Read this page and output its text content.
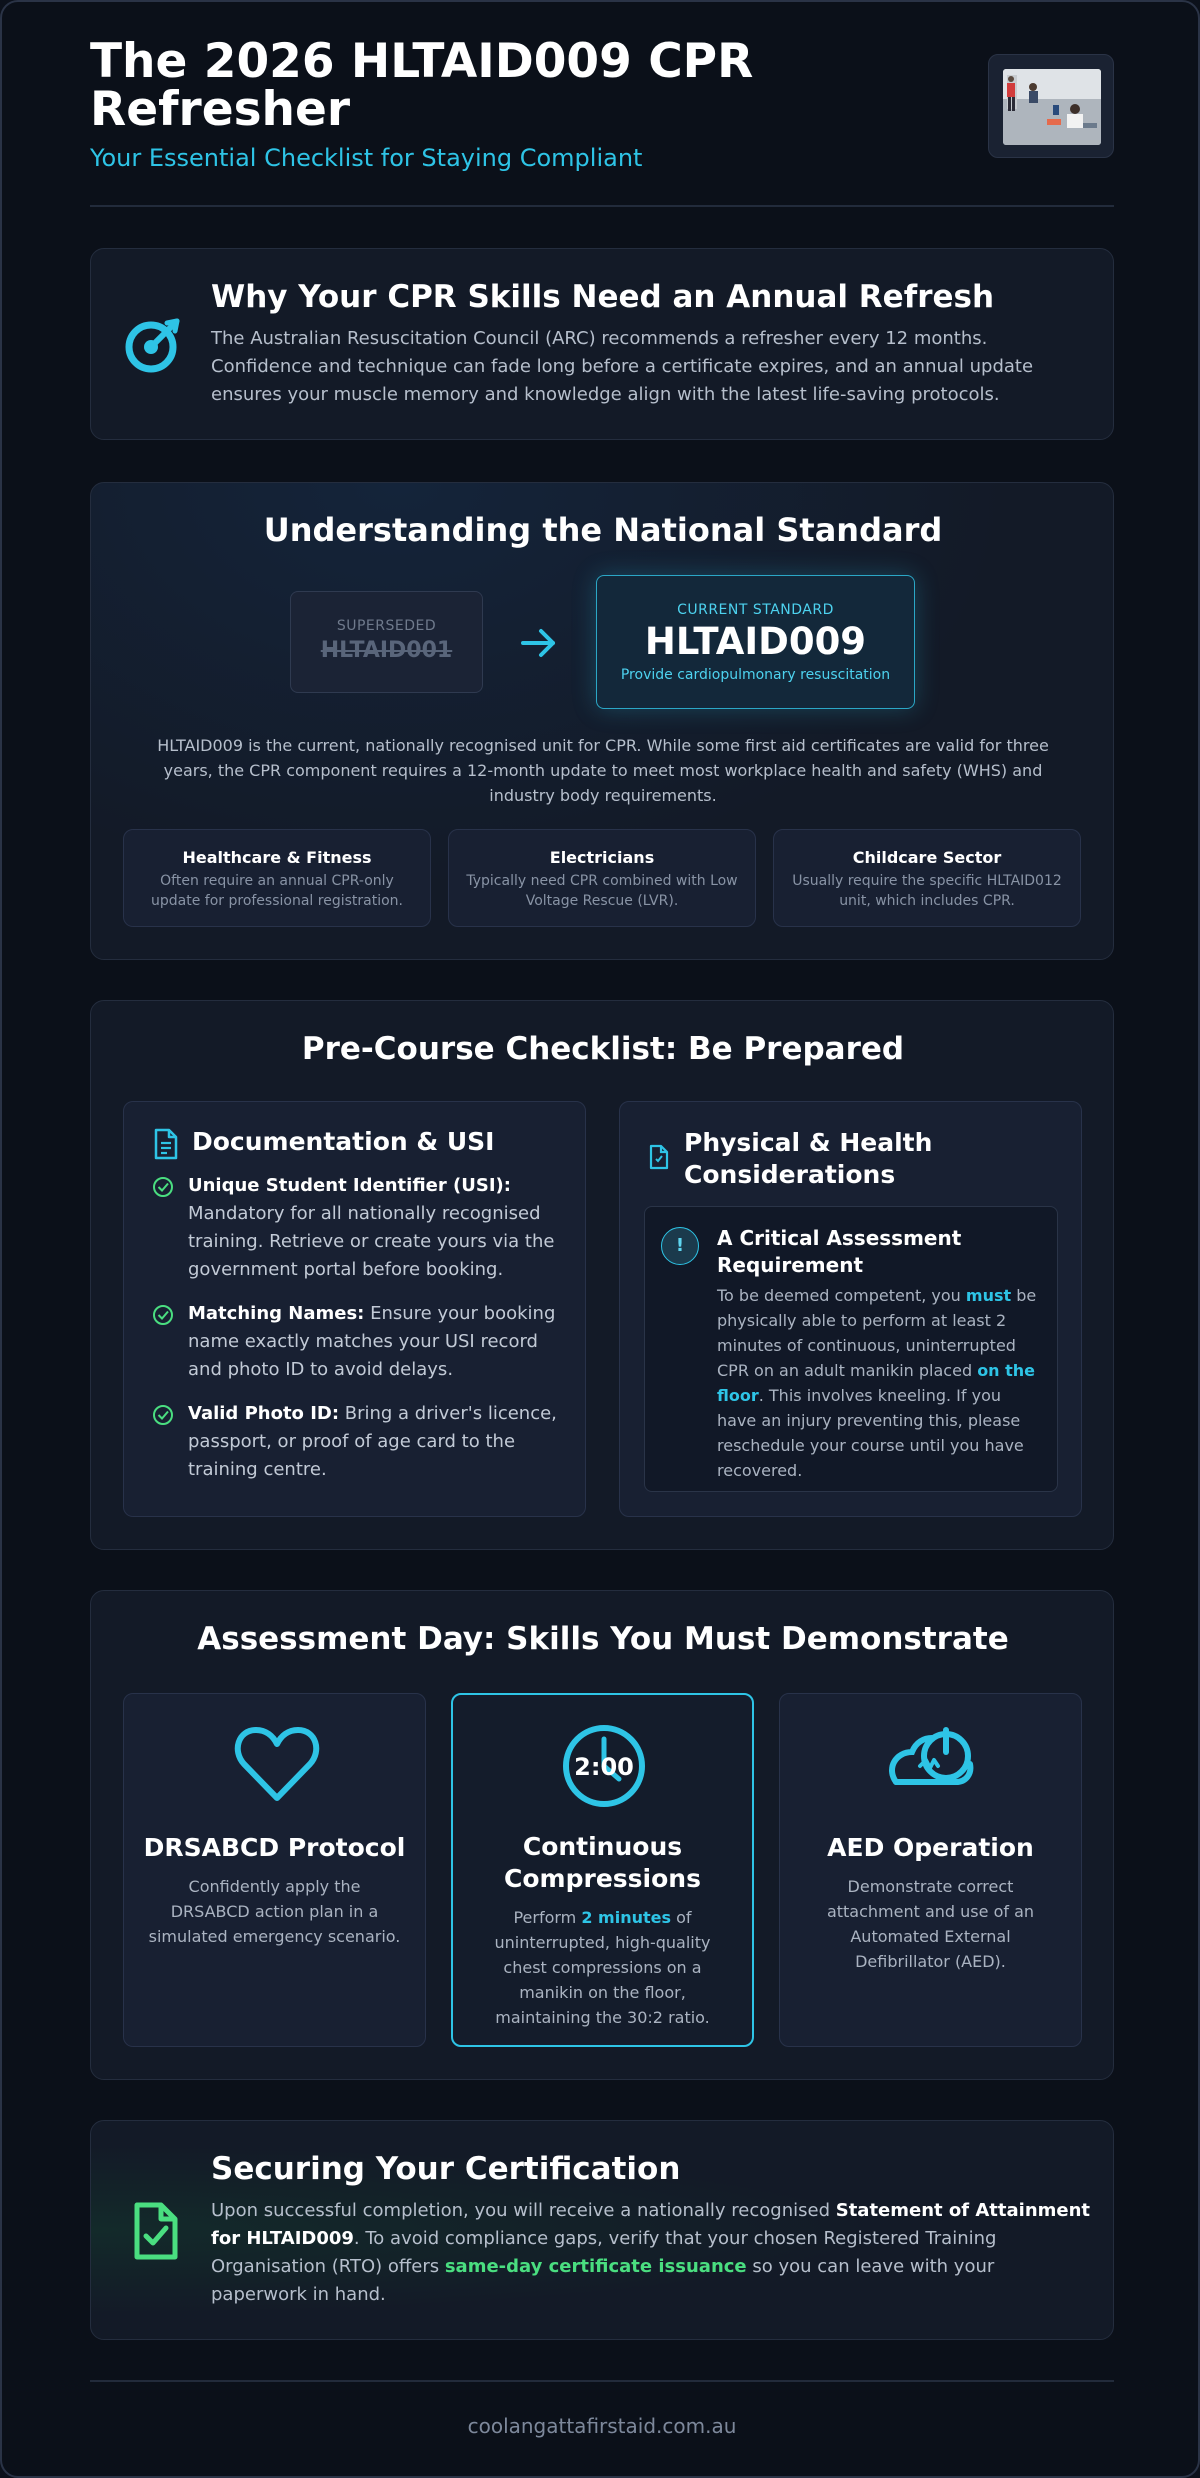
The 2026 HLTAID009 CPR
Refresher
Your Essential Checklist for Staying Compliant
Why Your CPR Skills Need an Annual Refresh
The Australian Resuscitation Council (ARC) recommends a refresher every 12 months. Confidence and technique can fade long before a certificate expires, and an annual update ensures your muscle memory and knowledge align with the latest life-saving protocols.
Understanding the National Standard
SUPERSEDED
HLTAID001
CURRENT STANDARD
HLTAID009
Provide cardiopulmonary resuscitation
HLTAID009 is the current, nationally recognised unit for CPR. While some first aid certificates are valid for three years, the CPR component requires a 12-month update to meet most workplace health and safety (WHS) and industry body requirements.
Healthcare & Fitness
Often require an annual CPR-only update for professional registration.
Electricians
Typically need CPR combined with Low Voltage Rescue (LVR).
Childcare Sector
Usually require the specific HLTAID012 unit, which includes CPR.
Pre-Course Checklist: Be Prepared
Documentation & USI
Unique Student Identifier (USI): Mandatory for all nationally recognised training. Retrieve or create yours via the government portal before booking.
Matching Names: Ensure your booking name exactly matches your USI record and photo ID to avoid delays.
Valid Photo ID: Bring a driver's licence, passport, or proof of age card to the training centre.
Physical & Health
Considerations
!	A Critical Assessment
Requirement
To be deemed competent, you must be physically able to perform at least 2 minutes of continuous, uninterrupted CPR on an adult manikin placed on the floor. This involves kneeling. If you have an injury preventing this, please reschedule your course until you have recovered.
Assessment Day: Skills You Must Demonstrate
DRSABCD Protocol
Confidently apply the DRSABCD action plan in a simulated emergency scenario.
2:00
Continuous
Compressions
Perform 2 minutes of uninterrupted, high-quality chest compressions on a manikin on the floor, maintaining the 30:2 ratio.
AED Operation
Demonstrate correct attachment and use of an Automated External Defibrillator (AED).
Securing Your Certification
Upon successful completion, you will receive a nationally recognised Statement of Attainment for HLTAID009. To avoid compliance gaps, verify that your chosen Registered Training Organisation (RTO) offers same-day certificate issuance so you can leave with your paperwork in hand.
coolangattafirstaid.com.au
